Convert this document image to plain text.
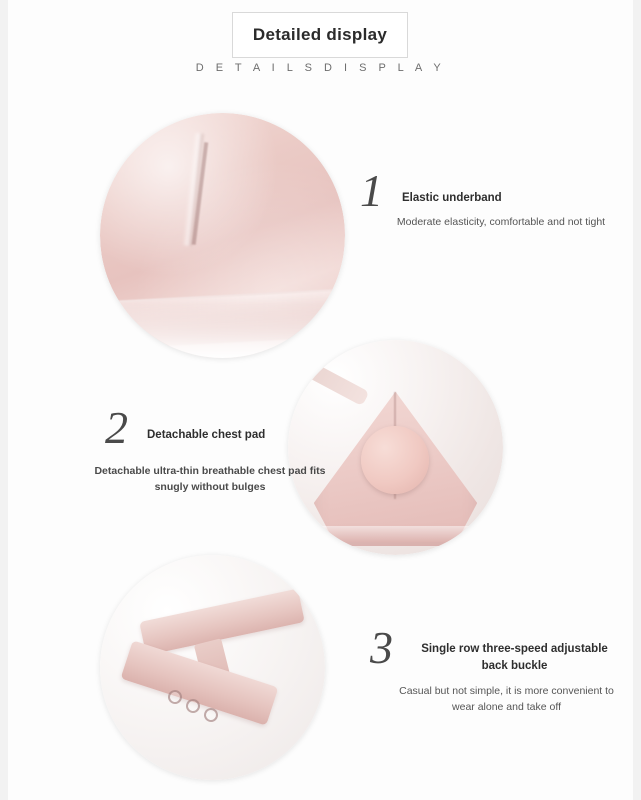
Detailed display
D E T A I L S D I S P L A Y
1 Elastic underband
Moderate elasticity, comfortable and not tight
2 Detachable chest pad
Detachable ultra-thin breathable chest pad fits snugly without bulges
3	Single row three-speed adjustable back buckle
Casual but not simple, it is more convenient to wear alone and take off
